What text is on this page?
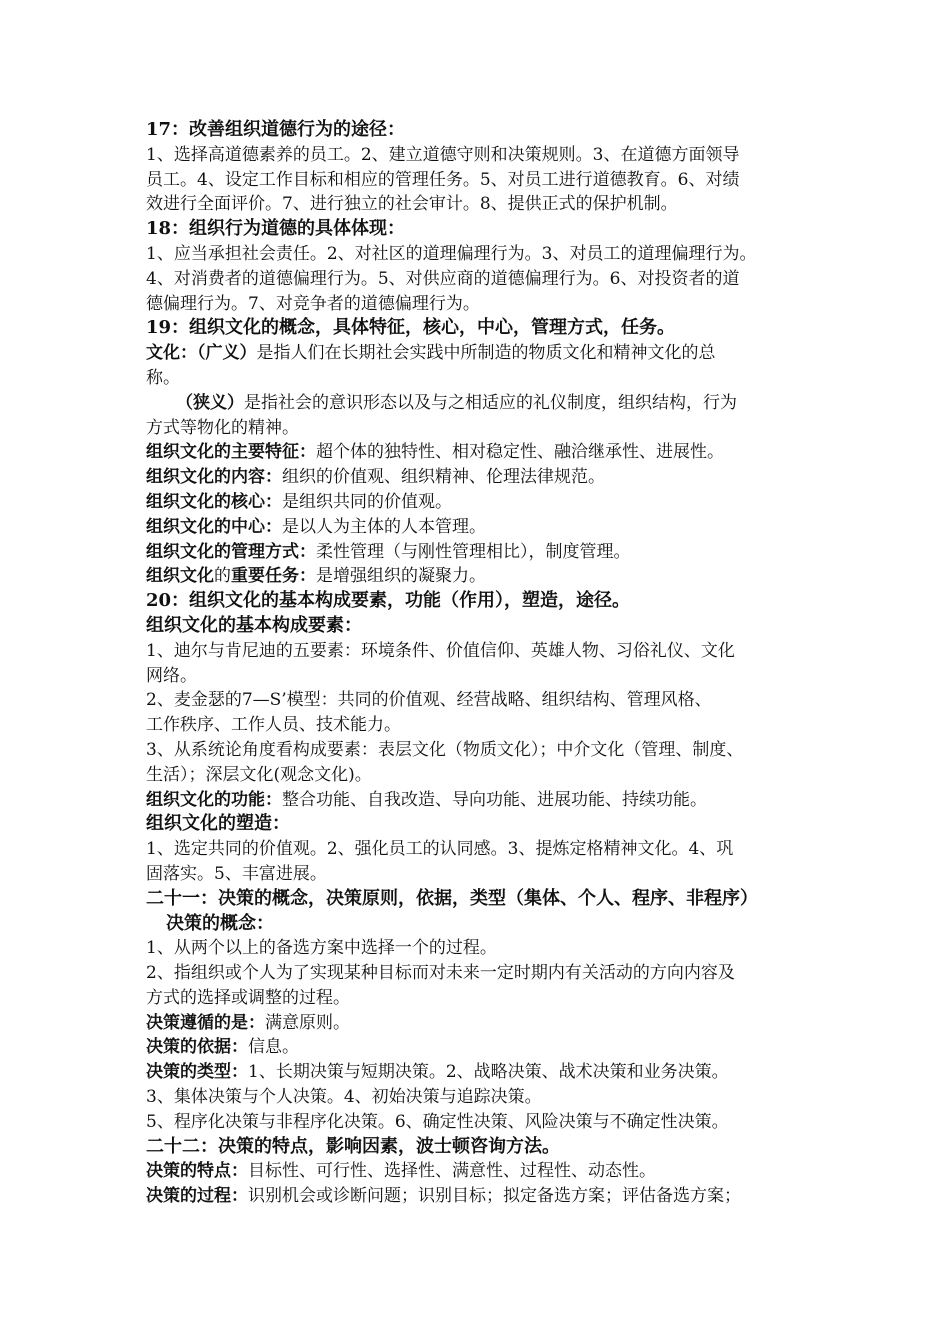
17：改善组织道德行为的途径：
1、选择高道德素养的员工。2、建立道德守则和决策规则。3、在道德方面领导
员工。4、设定工作目标和相应的管理任务。5、对员工进行道德教育。6、对绩
效进行全面评价。7、进行独立的社会审计。8、提供正式的保护机制。
18：组织行为道德的具体体现：
1、应当承担社会责任。2、对社区的道理偏理行为。3、对员工的道理偏理行为。
4、对消费者的道德偏理行为。5、对供应商的道德偏理行为。6、对投资者的道
德偏理行为。7、对竞争者的道德偏理行为。
19：组织文化的概念，具体特征，核心，中心，管理方式，任务。
文化：（广义）是指人们在长期社会实践中所制造的物质文化和精神文化的总
称。
（狭义）是指社会的意识形态以及与之相适应的礼仪制度，组织结构，行为
方式等物化的精神。
组织文化的主要特征：超个体的独特性、相对稳定性、融洽继承性、进展性。
组织文化的内容：组织的价值观、组织精神、伦理法律规范。
组织文化的核心：是组织共同的价值观。
组织文化的中心：是以人为主体的人本管理。
组织文化的管理方式：柔性管理（与刚性管理相比），制度管理。
组织文化的重要任务：是增强组织的凝聚力。
20：组织文化的基本构成要素，功能（作用），塑造，途径。
组织文化的基本构成要素：
1、迪尔与肯尼迪的五要素：环境条件、价值信仰、英雄人物、习俗礼仪、文化
网络。
2、麦金瑟的7—S’模型：共同的价值观、经营战略、组织结构、管理风格、
工作秩序、工作人员、技术能力。
3、从系统论角度看构成要素：表层文化（物质文化）；中介文化（管理、制度、
生活）；深层文化(观念文化)。
组织文化的功能：整合功能、自我改造、导向功能、进展功能、持续功能。
组织文化的塑造：
1、选定共同的价值观。2、强化员工的认同感。3、提炼定格精神文化。4、巩
固落实。5、丰富进展。
二十一：决策的概念，决策原则，依据，类型（集体、个人、程序、非程序）
决策的概念：
1、从两个以上的备选方案中选择一个的过程。
2、指组织或个人为了实现某种目标而对未来一定时期内有关活动的方向内容及
方式的选择或调整的过程。
决策遵循的是：满意原则。
决策的依据：信息。
决策的类型：1、长期决策与短期决策。2、战略决策、战术决策和业务决策。
3、集体决策与个人决策。4、初始决策与追踪决策。
5、程序化决策与非程序化决策。6、确定性决策、风险决策与不确定性决策。
二十二：决策的特点，影响因素，波士顿咨询方法。
决策的特点：目标性、可行性、选择性、满意性、过程性、动态性。
决策的过程：识别机会或诊断问题；识别目标；拟定备选方案；评估备选方案；
